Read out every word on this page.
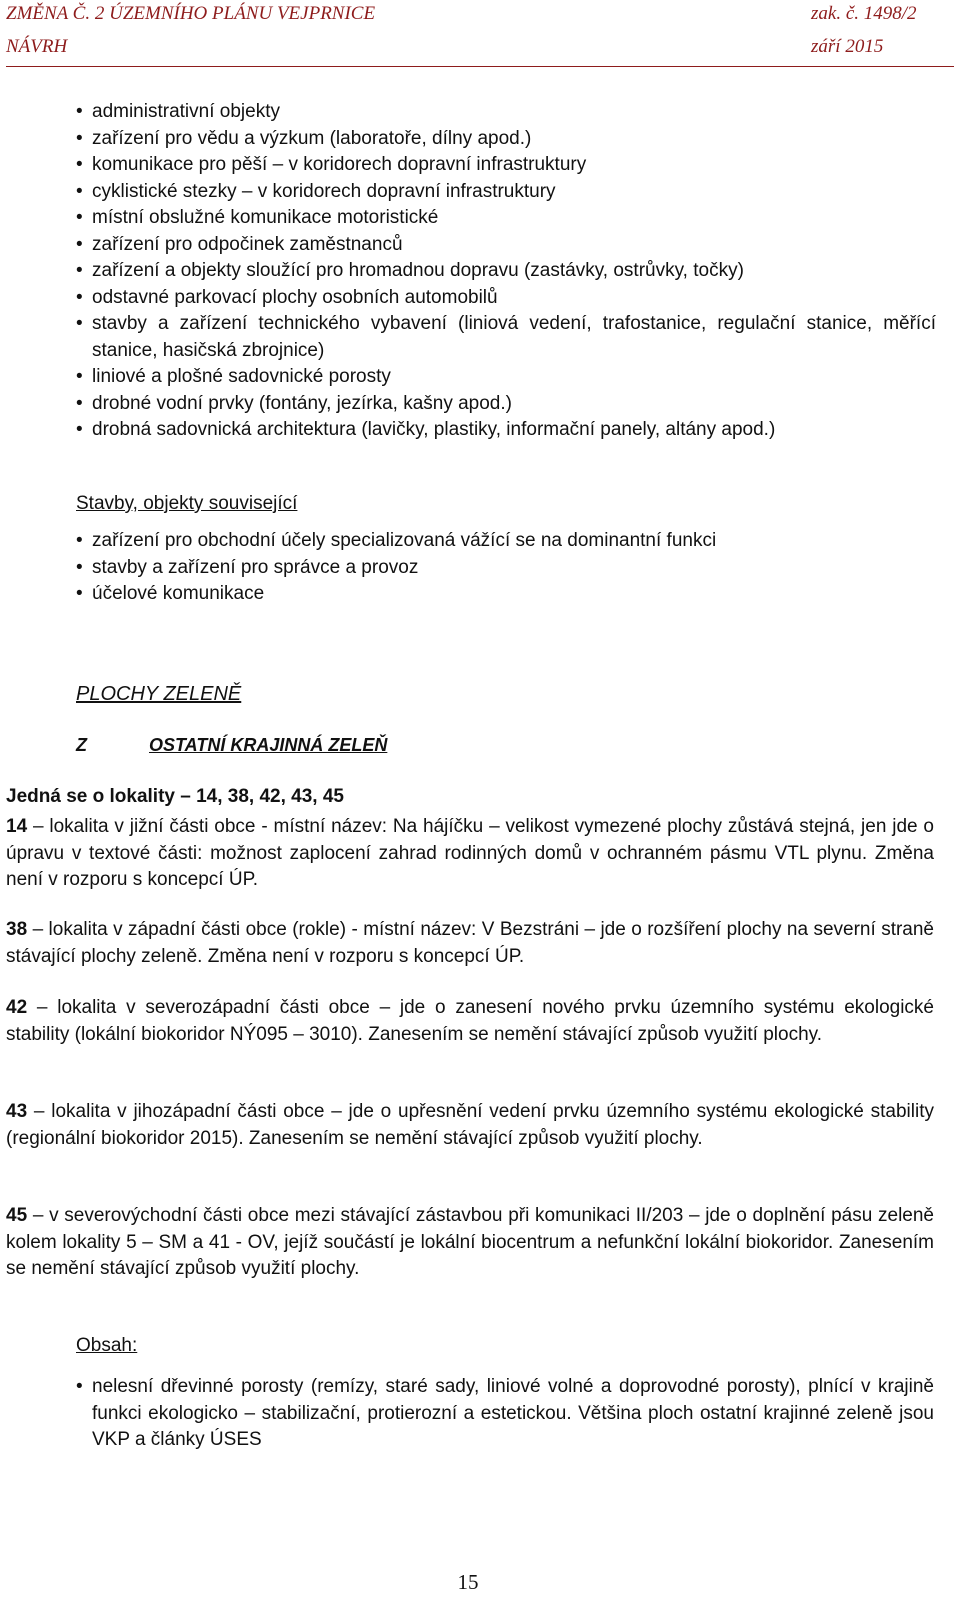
ZMĚNA Č. 2 ÚZEMNÍHO PLÁNU VEJPRNICE	zak. č. 1498/2
NÁVRH	září 2015
• administrativní objekty
• zařízení pro vědu a výzkum (laboratoře, dílny apod.)
• komunikace pro pěší – v koridorech dopravní infrastruktury
• cyklistické stezky – v koridorech dopravní infrastruktury
• místní obslužné komunikace motoristické
• zařízení pro odpočinek zaměstnanců
• zařízení a objekty sloužící pro hromadnou dopravu (zastávky, ostrůvky, točky)
• odstavné parkovací plochy osobních automobilů
• stavby a zařízení technického vybavení (liniová vedení, trafostanice, regulační stanice, měřící stanice, hasičská zbrojnice)
• liniové a plošné sadovnické porosty
• drobné vodní prvky (fontány, jezírka, kašny apod.)
• drobná sadovnická architektura (lavičky, plastiky, informační panely, altány apod.)
Stavby, objekty související
• zařízení pro obchodní účely specializovaná vážící se na dominantní funkci
• stavby a zařízení pro správce a provoz
• účelové komunikace
PLOCHY ZELENĚ
Z	OSTATNÍ KRAJINNÁ ZELEŇ
Jedná se o lokality – 14, 38, 42, 43, 45

14 – lokalita v jižní části obce - místní název: Na hájíčku – velikost vymezené plochy zůstává stejná, jen jde o úpravu v textové části: možnost zaplocení zahrad rodinných domů v ochranném pásmu VTL plynu. Změna není v rozporu s koncepcí ÚP.

38 – lokalita v západní části obce (rokle) - místní název: V Bezstráni – jde o rozšíření plochy na severní straně stávající plochy zeleně. Změna není v rozporu s koncepcí ÚP.

42 – lokalita v severozápadní části obce – jde o zanesení nového prvku územního systému ekologické stability (lokální biokoridor NÝ095 – 3010). Zanesením se nemění stávající způsob využití plochy.

43 – lokalita v jihozápadní části obce – jde o upřesnění vedení prvku územního systému ekologické stability (regionální biokoridor 2015). Zanesením se nemění stávající způsob využití plochy.

45 – v severovýchodní části obce mezi stávající zástavbou při komunikaci II/203 – jde o doplnění pásu zeleně kolem lokality 5 – SM a 41 - OV, jejíž součástí je lokální biocentrum a nefunkční lokální biokoridor. Zanesením se nemění stávající způsob využití plochy.

Obsah:
• nelesní dřevinné porosty (remízy, staré sady, liniové volné a doprovodné porosty), plnící v krajině funkci ekologicko – stabilizační, protierozní a estetickou. Většina ploch ostatní krajinné zeleně jsou VKP a články ÚSES
15
